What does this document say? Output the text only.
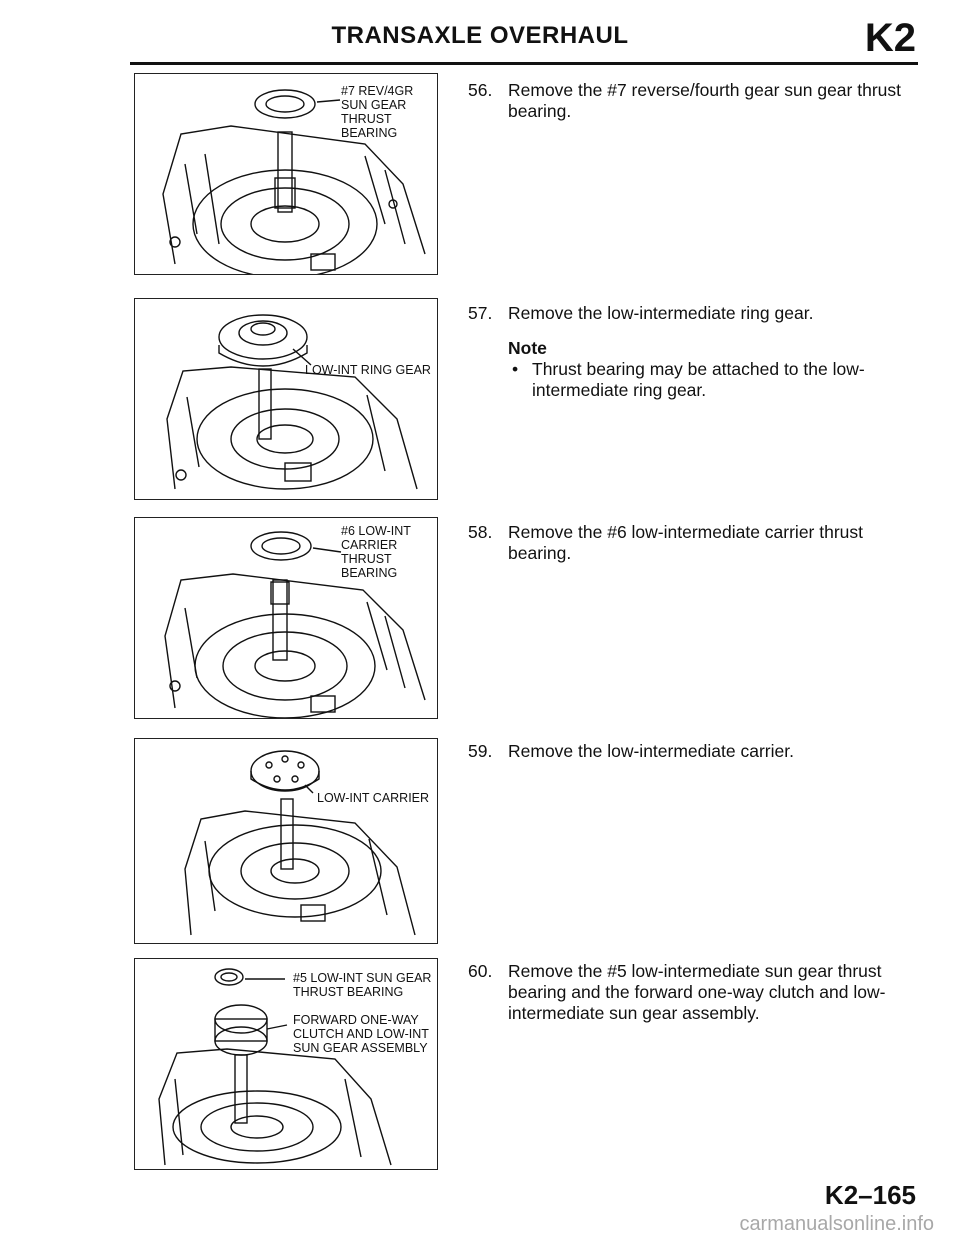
TRANSAXLE OVERHAUL	K2
#7 REV/4GR
SUN GEAR
THRUST
BEARING
LOW-INT RING GEAR
#6 LOW-INT
CARRIER
THRUST
BEARING
LOW-INT CARRIER
#5 LOW-INT SUN GEAR
THRUST BEARING
FORWARD ONE-WAY
CLUTCH AND LOW-INT
SUN GEAR ASSEMBLY
56. Remove the #7 reverse/fourth gear sun gear thrust bearing.
57. Remove the low-intermediate ring gear.
Note
• Thrust bearing may be attached to the low-intermediate ring gear.
58. Remove the #6 low-intermediate carrier thrust bearing.
59. Remove the low-intermediate carrier.
60. Remove the #5 low-intermediate sun gear thrust bearing and the forward one-way clutch and low-intermediate sun gear assembly.
K2–165
carmanualsonline.info
